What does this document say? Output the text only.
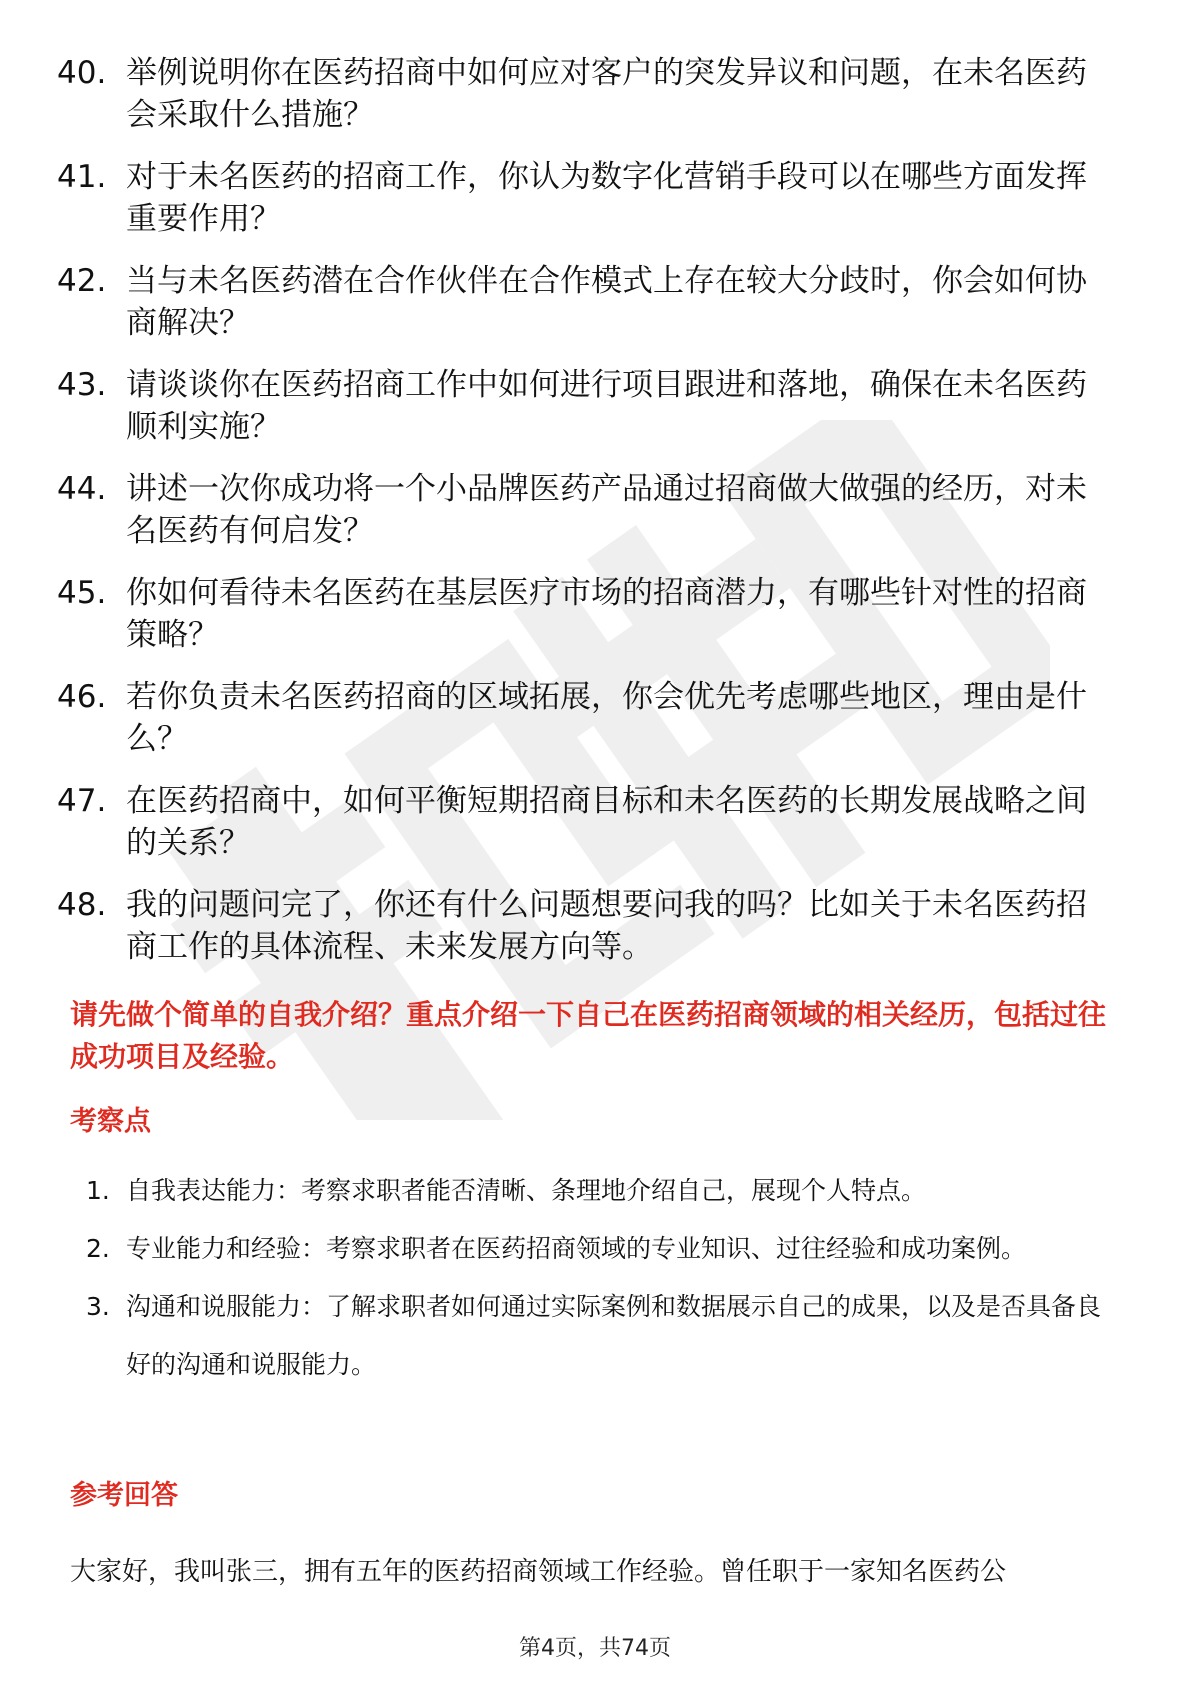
40. 举例说明你在医药招商中如何应对客户的突发异议和问题，在未名医药会采取什么措施？
41. 对于未名医药的招商工作，你认为数字化营销手段可以在哪些方面发挥重要作用？
42. 当与未名医药潜在合作伙伴在合作模式上存在较大分歧时，你会如何协商解决？
43. 请谈谈你在医药招商工作中如何进行项目跟进和落地，确保在未名医药顺利实施？
44. 讲述一次你成功将一个小品牌医药产品通过招商做大做强的经历，对未名医药有何启发？
45. 你如何看待未名医药在基层医疗市场的招商潜力，有哪些针对性的招商策略？
46. 若你负责未名医药招商的区域拓展，你会优先考虑哪些地区，理由是什么？
47. 在医药招商中，如何平衡短期招商目标和未名医药的长期发展战略之间的关系？
48. 我的问题问完了，你还有什么问题想要问我的吗？比如关于未名医药招商工作的具体流程、未来发展方向等。
请先做个简单的自我介绍？重点介绍一下自己在医药招商领域的相关经历，包括过往成功项目及经验。
考察点
1. 自我表达能力：考察求职者能否清晰、条理地介绍自己，展现个人特点。
2. 专业能力和经验：考察求职者在医药招商领域的专业知识、过往经验和成功案例。
3. 沟通和说服能力：了解求职者如何通过实际案例和数据展示自己的成果，以及是否具备良好的沟通和说服能力。
参考回答
大家好，我叫张三，拥有五年的医药招商领域工作经验。曾任职于一家知名医药公
第4页，共74页
